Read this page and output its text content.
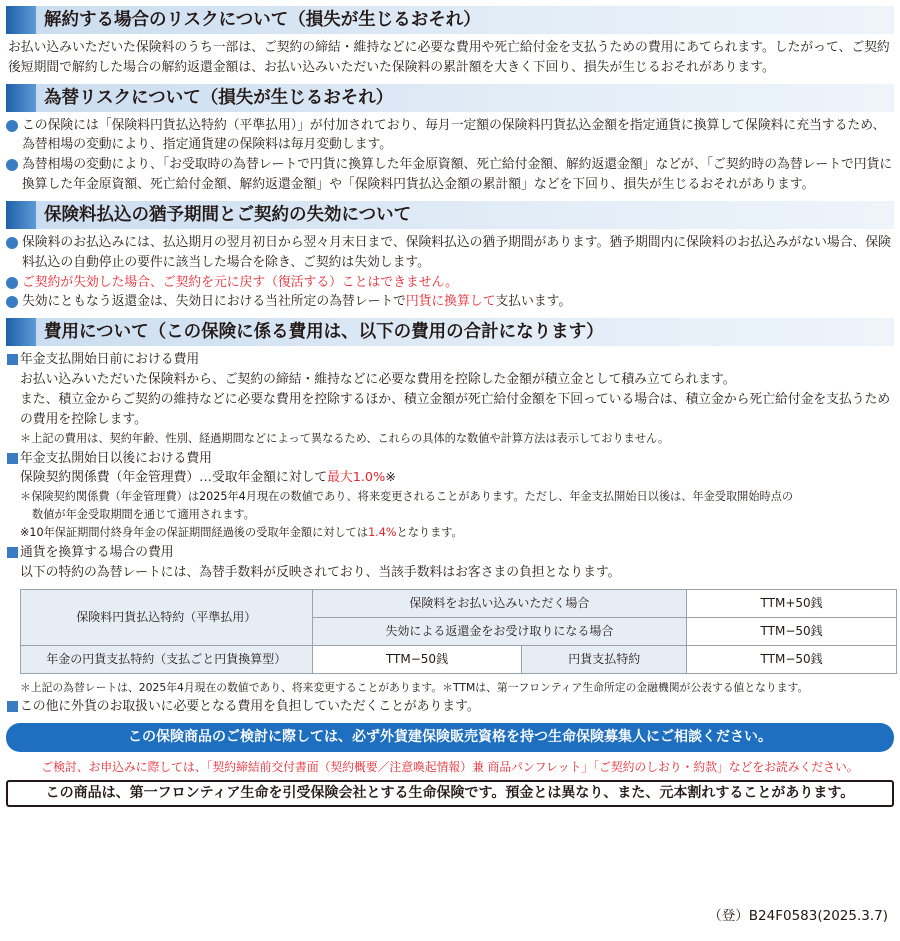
解約する場合のリスクについて（損失が生じるおそれ）
お払い込みいただいた保険料のうち一部は、ご契約の締結・維持などに必要な費用や死亡給付金を支払うための費用にあてられます。したがって、ご契約後短期間で解約した場合の解約返還金額は、お払い込みいただいた保険料の累計額を大きく下回り、損失が生じるおそれがあります。
為替リスクについて（損失が生じるおそれ）
この保険には「保険料円貨払込特約（平準払用）」が付加されており、毎月一定額の保険料円貨払込金額を指定通貨に換算して保険料に充当するため、為替相場の変動により、指定通貨建の保険料は毎月変動します。
為替相場の変動により、「お受取時の為替レートで円貨に換算した年金原資額、死亡給付金額、解約返還金額」などが、「ご契約時の為替レートで円貨に換算した年金原資額、死亡給付金額、解約返還金額」や「保険料円貨払込金額の累計額」などを下回り、損失が生じるおそれがあります。
保険料払込の猶予期間とご契約の失効について
保険料のお払込みには、払込期月の翌月初日から翌々月末日まで、保険料払込の猶予期間があります。猶予期間内に保険料のお払込みがない場合、保険料払込の自動停止の要件に該当した場合を除き、ご契約は失効します。
ご契約が失効した場合、ご契約を元に戻す（復活する）ことはできません。
失効にともなう返還金は、失効日における当社所定の為替レートで円貨に換算して支払います。
費用について（この保険に係る費用は、以下の費用の合計になります）
年金支払開始日前における費用
お払い込みいただいた保険料から、ご契約の締結・維持などに必要な費用を控除した金額が積立金として積み立てられます。
また、積立金からご契約の維持などに必要な費用を控除するほか、積立金額が死亡給付金額を下回っている場合は、積立金から死亡給付金を支払うための費用を控除します。
＊上記の費用は、契約年齢、性別、経過期間などによって異なるため、これらの具体的な数値や計算方法は表示しておりません。
年金支払開始日以後における費用
保険契約関係費（年金管理費）…受取年金額に対して最大1.0%※
＊保険契約関係費（年金管理費）は2025年4月現在の数値であり、将来変更されることがあります。ただし、年金支払開始日以後は、年金受取開始時点の
数値が年金受取期間を通じて適用されます。
※10年保証期間付終身年金の保証期間経過後の受取年金額に対しては1.4%となります。
通貨を換算する場合の費用
以下の特約の為替レートには、為替手数料が反映されており、当該手数料はお客さまの負担となります。
保険料円貨払込特約（平準払用）	保険料をお払い込みいただく場合		TTM+50銭
	失効による返還金をお受け取りになる場合		TTM−50銭
年金の円貨支払特約（支払ごと円貨換算型）	TTM−50銭	円貨支払特約	TTM−50銭
＊上記の為替レートは、2025年4月現在の数値であり、将来変更することがあります。＊TTMは、第一フロンティア生命所定の金融機関が公表する値となります。
この他に外貨のお取扱いに必要となる費用を負担していただくことがあります。
この保険商品のご検討に際しては、必ず外貨建保険販売資格を持つ生命保険募集人にご相談ください。
ご検討、お申込みに際しては、「契約締結前交付書面（契約概要／注意喚起情報）兼 商品パンフレット」「ご契約のしおり・約款」などをお読みください。
この商品は、第一フロンティア生命を引受保険会社とする生命保険です。預金とは異なり、また、元本割れすることがあります。
（登）B24F0583(2025.3.7)
